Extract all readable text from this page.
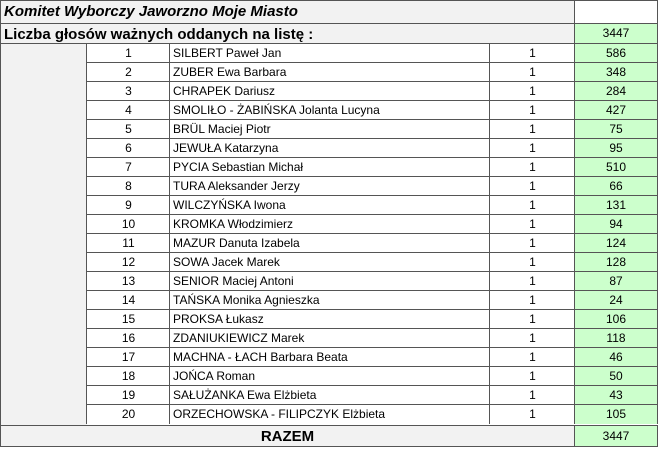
Komitet Wyborczy Jaworzno Moje Miasto
Liczba głosów ważnych oddanych na listę :	3447
1	SILBERT Paweł Jan	1	586
2	ZUBER Ewa Barbara	1	348
3	CHRAPEK Dariusz	1	284
4	SMOLIŁO - ŻABIŃSKA Jolanta Lucyna	1	427
5	BRÜL Maciej Piotr	1	75
6	JEWUŁA Katarzyna	1	95
7	PYCIA Sebastian Michał	1	510
8	TURA Aleksander Jerzy	1	66
9	WILCZYŃSKA Iwona	1	131
10	KROMKA Włodzimierz	1	94
11	MAZUR Danuta Izabela	1	124
12	SOWA Jacek Marek	1	128
13	SENIOR Maciej Antoni	1	87
14	TAŃSKA Monika Agnieszka	1	24
15	PROKSA Łukasz	1	106
16	ZDANIUKIEWICZ Marek	1	118
17	MACHNA - ŁACH Barbara Beata	1	46
18	JOŃCA Roman	1	50
19	SAŁUŻANKA Ewa Elżbieta	1	43
20	ORZECHOWSKA - FILIPCZYK Elżbieta	1	105
RAZEM	3447
